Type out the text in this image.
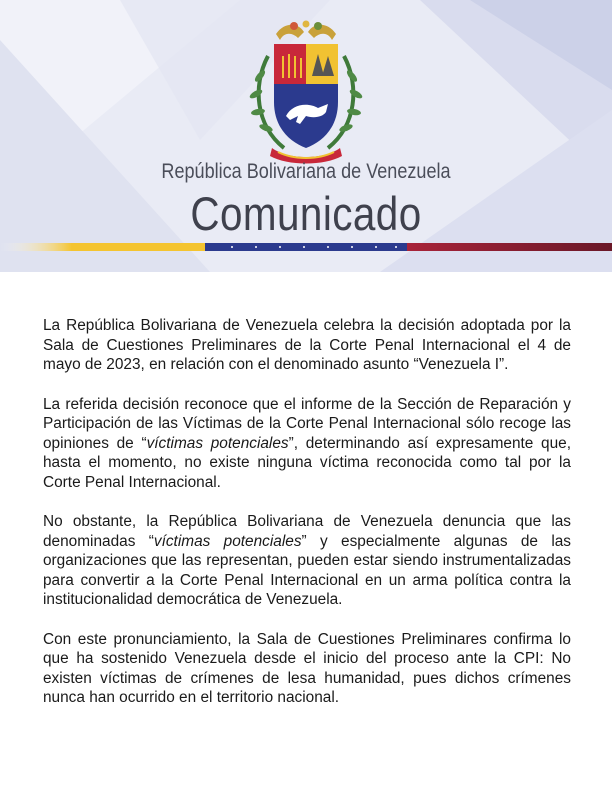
República Bolivariana de Venezuela
Comunicado

La República Bolivariana de Venezuela celebra la decisión adoptada por la Sala de Cuestiones Preliminares de la Corte Penal Internacional el 4 de mayo de 2023, en relación con el denominado asunto “Venezuela I”.

La referida decisión reconoce que el informe de la Sección de Reparación y Participación de las Víctimas de la Corte Penal Internacional sólo recoge las opiniones de “víctimas potenciales”, determinando así expresamente que, hasta el momento, no existe ninguna víctima reconocida como tal por la Corte Penal Internacional.

No obstante, la República Bolivariana de Venezuela denuncia que las denominadas “víctimas potenciales” y especialmente algunas de las organizaciones que las representan, pueden estar siendo instrumentalizadas para convertir a la Corte Penal Internacional en un arma política contra la institucionalidad democrática de Venezuela.

Con este pronunciamiento, la Sala de Cuestiones Preliminares confirma lo que ha sostenido Venezuela desde el inicio del proceso ante la CPI: No existen víctimas de crímenes de lesa humanidad, pues dichos crímenes nunca han ocurrido en el territorio nacional.
